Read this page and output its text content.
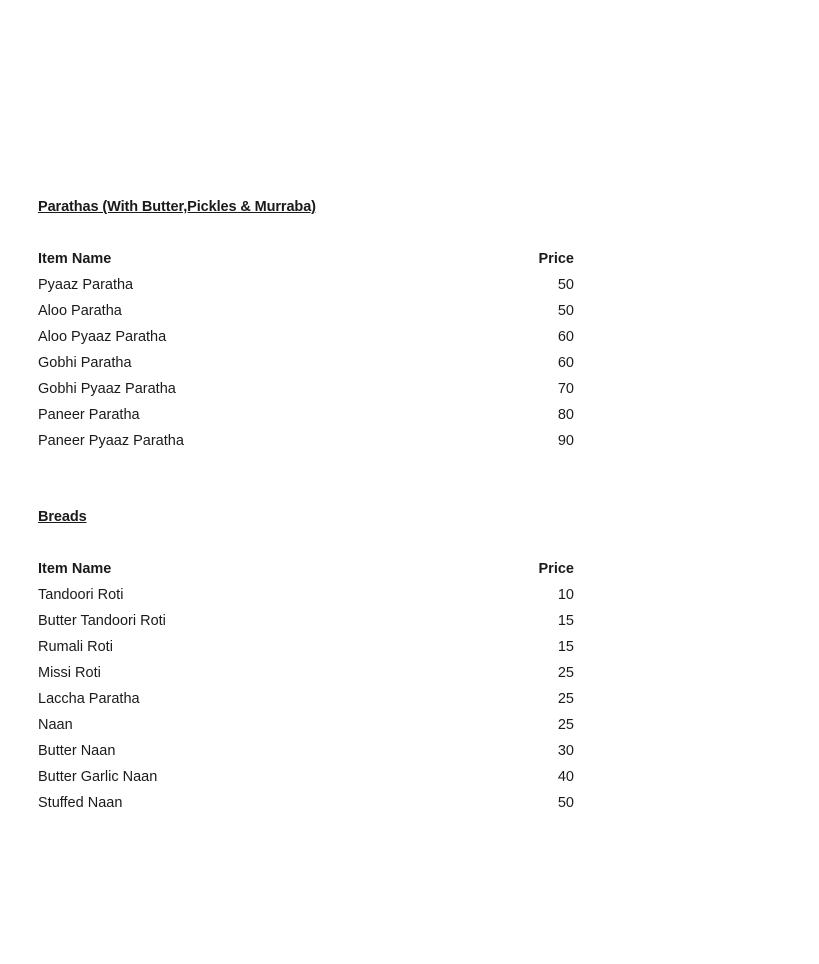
Parathas (With Butter,Pickles & Murraba)
Item Name	Price
Pyaaz Paratha	50
Aloo Paratha	50
Aloo Pyaaz Paratha	60
Gobhi Paratha	60
Gobhi Pyaaz Paratha	70
Paneer Paratha	80
Paneer Pyaaz Paratha	90
Breads
Item Name	Price
Tandoori Roti	10
Butter Tandoori Roti	15
Rumali Roti	15
Missi Roti	25
Laccha Paratha	25
Naan	25
Butter Naan	30
Butter Garlic Naan	40
Stuffed Naan	50
